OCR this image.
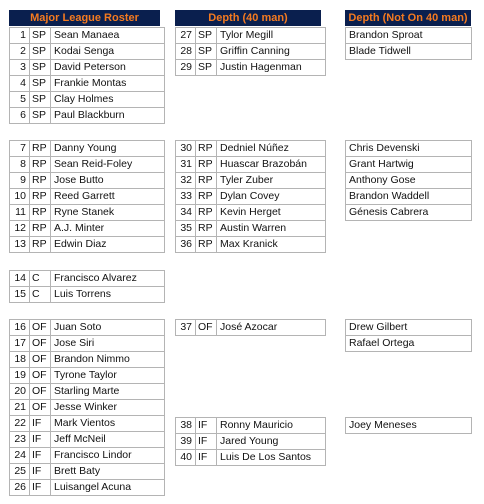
Major League Roster	Depth (40 man)	Depth (Not On 40 man)
1	SP	Sean Manaea
2	SP	Kodai Senga
3	SP	David Peterson
4	SP	Frankie Montas
5	SP	Clay Holmes
6	SP	Paul Blackburn
7	RP	Danny Young
8	RP	Sean Reid-Foley
9	RP	Jose Butto
10	RP	Reed Garrett
11	RP	Ryne Stanek
12	RP	A.J. Minter
13	RP	Edwin Diaz
14	C	Francisco Alvarez
15	C	Luis Torrens
16	OF	Juan Soto
17	OF	Jose Siri
18	OF	Brandon Nimmo
19	OF	Tyrone Taylor
20	OF	Starling Marte
21	OF	Jesse Winker
22	IF	Mark Vientos
23	IF	Jeff McNeil
24	IF	Francisco Lindor
25	IF	Brett Baty
26	IF	Luisangel Acuna
27	SP	Tylor Megill
28	SP	Griffin Canning
29	SP	Justin Hagenman
30	RP	Dedniel Núñez
31	RP	Huascar Brazobán
32	RP	Tyler Zuber
33	RP	Dylan Covey
34	RP	Kevin Herget
35	RP	Austin Warren
36	RP	Max Kranick
37	OF	José Azocar
38	IF	Ronny Mauricio
39	IF	Jared Young
40	IF	Luis De Los Santos
Brandon Sproat
Blade Tidwell
Chris Devenski
Grant Hartwig
Anthony Gose
Brandon Waddell
Génesis Cabrera
Drew Gilbert
Rafael Ortega
Joey Meneses
